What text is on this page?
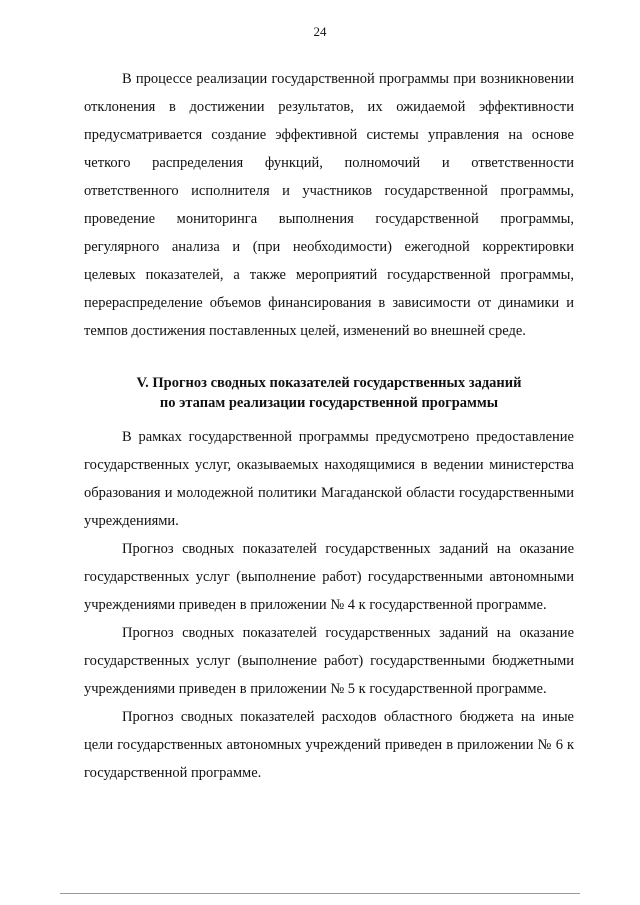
24

В процессе реализации государственной программы при возникновении отклонения в достижении результатов, их ожидаемой эффективности предусматривается создание эффективной системы управления на основе четкого распределения функций, полномочий и ответственности ответственного исполнителя и участников государственной программы, проведение мониторинга выполнения государственной программы, регулярного анализа и (при необходимости) ежегодной корректировки целевых показателей, а также мероприятий государственной программы, перераспределение объемов финансирования в зависимости от динамики и темпов достижения поставленных целей, изменений во внешней среде.

V. Прогноз сводных показателей государственных заданий
по этапам реализации государственной программы

В рамках государственной программы предусмотрено предоставление государственных услуг, оказываемых находящимися в ведении министерства образования и молодежной политики Магаданской области государственными учреждениями.

Прогноз сводных показателей государственных заданий на оказание государственных услуг (выполнение работ) государственными автономными учреждениями приведен в приложении № 4 к государственной программе.

Прогноз сводных показателей государственных заданий на оказание государственных услуг (выполнение работ) государственными бюджетными учреждениями приведен в приложении № 5 к государственной программе.

Прогноз сводных показателей расходов областного бюджета на иные цели государственных автономных учреждений приведен в приложении № 6 к государственной программе.
